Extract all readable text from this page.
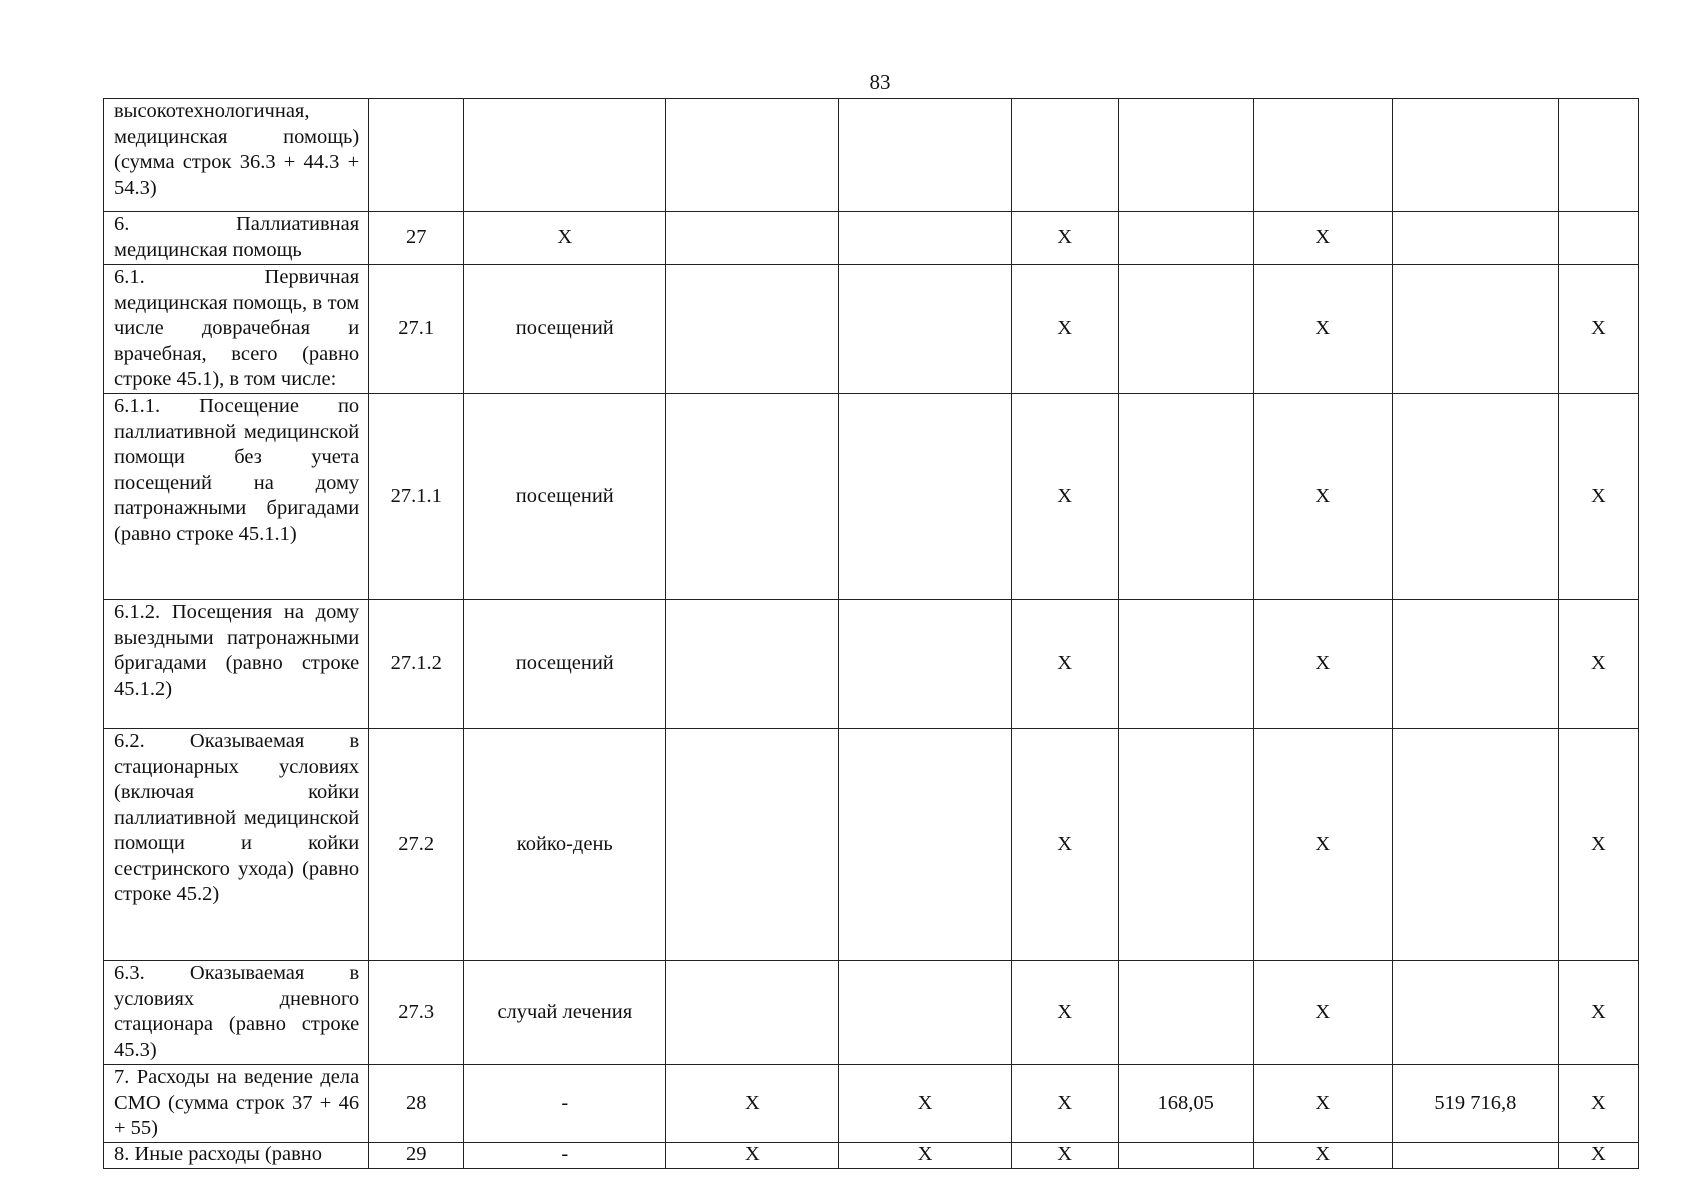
83
высокотехнологичная, медицинская помощь) (сумма строк 36.3 + 44.3 + 54.3)									
6. Паллиативная медицинская помощь	27	Х			Х		Х		
6.1. Первичная медицинская помощь, в том числе доврачебная и врачебная, всего (равно строке 45.1), в том числе:	27.1	посещений			Х		Х		Х
6.1.1. Посещение по паллиативной медицинской помощи без учета посещений на дому патронажными бригадами (равно строке 45.1.1)	27.1.1	посещений			Х		Х		Х
6.1.2. Посещения на дому выездными патронажными бригадами (равно строке 45.1.2)	27.1.2	посещений			Х		Х		Х
6.2. Оказываемая в стационарных условиях (включая койки паллиативной медицинской помощи и койки сестринского ухода) (равно строке 45.2)	27.2	койко-день			Х		Х		Х
6.3. Оказываемая в условиях дневного стационара (равно строке 45.3)	27.3	случай лечения			Х		Х		Х
7. Расходы на ведение дела СМО (сумма строк 37 + 46 + 55)	28	-	Х	Х	Х	168,05	Х	519 716,8	Х

8. Иные расходы (равно	29	-	Х	Х	Х		Х		Х
